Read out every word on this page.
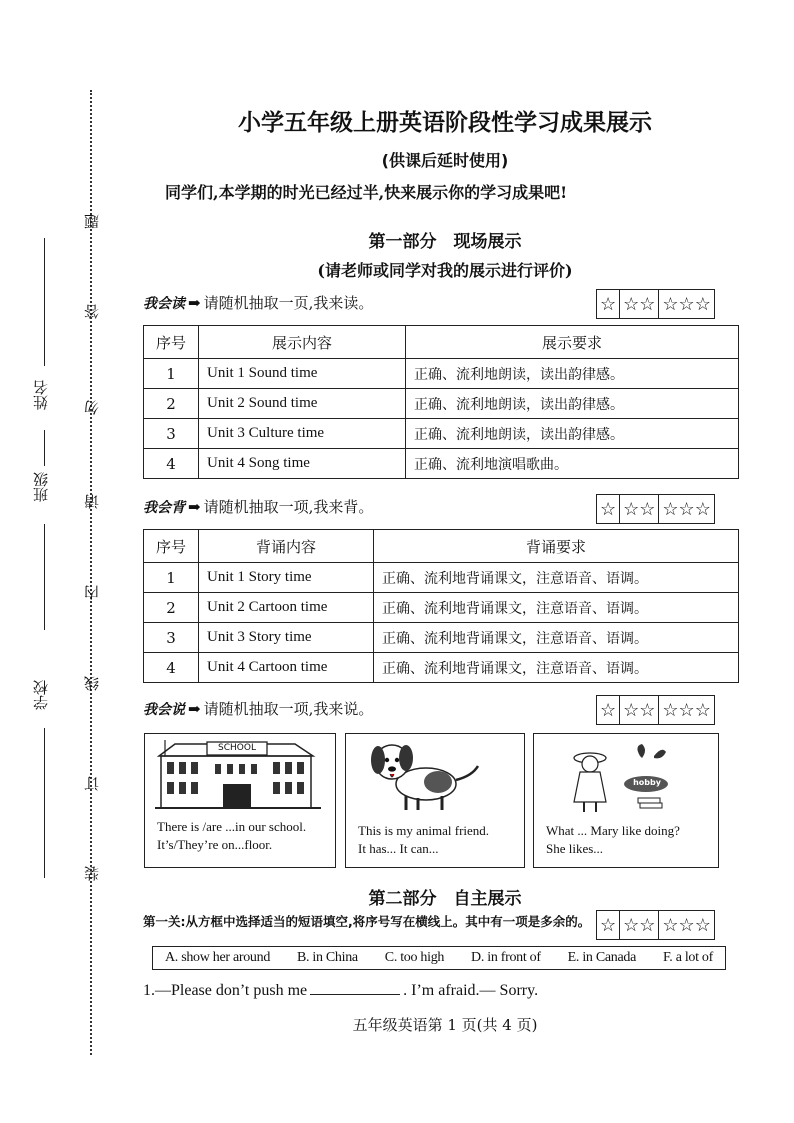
题
答
勿
请
内
线
订
装
姓名
班级
学校
小学五年级上册英语阶段性学习成果展示
(供课后延时使用)
同学们,本学期的时光已经过半,快来展示你的学习成果吧!
第一部分　现场展示
(请老师或同学对我的展示进行评价)
我会读 ➡ 请随机抽取一页,我来读。	☆ ☆☆ ☆☆☆
序号	展示内容	展示要求
1	Unit 1 Sound time	正确、流利地朗读，读出韵律感。
2	Unit 2 Sound time	正确、流利地朗读，读出韵律感。
3	Unit 3 Culture time	正确、流利地朗读，读出韵律感。
4	Unit 4 Song time	正确、流利地演唱歌曲。
我会背 ➡ 请随机抽取一项,我来背。	☆ ☆☆ ☆☆☆
序号	背诵内容	背诵要求
1	Unit 1 Story time	正确、流利地背诵课文，注意语音、语调。
2	Unit 2 Cartoon time	正确、流利地背诵课文，注意语音、语调。
3	Unit 3 Story time	正确、流利地背诵课文，注意语音、语调。
4	Unit 4 Cartoon time	正确、流利地背诵课文，注意语音、语调。
我会说 ➡ 请随机抽取一项,我来说。	☆ ☆☆ ☆☆☆
SCHOOL
There is /are ...in our school.
It’s/They’re on...floor.
This is my animal friend.
It has... It can...
hobby
What ... Mary like doing?
She likes...
第二部分　自主展示
第一关:从方框中选择适当的短语填空,将序号写在横线上。其中有一项是多余的。 ☆ ☆☆ ☆☆☆
A. show her around B. in China C. too high D. in front of E. in Canada F. a lot of
1.—Please don’t push me	. I’m afraid.— Sorry.
五年级英语第 1 页(共 4 页)
